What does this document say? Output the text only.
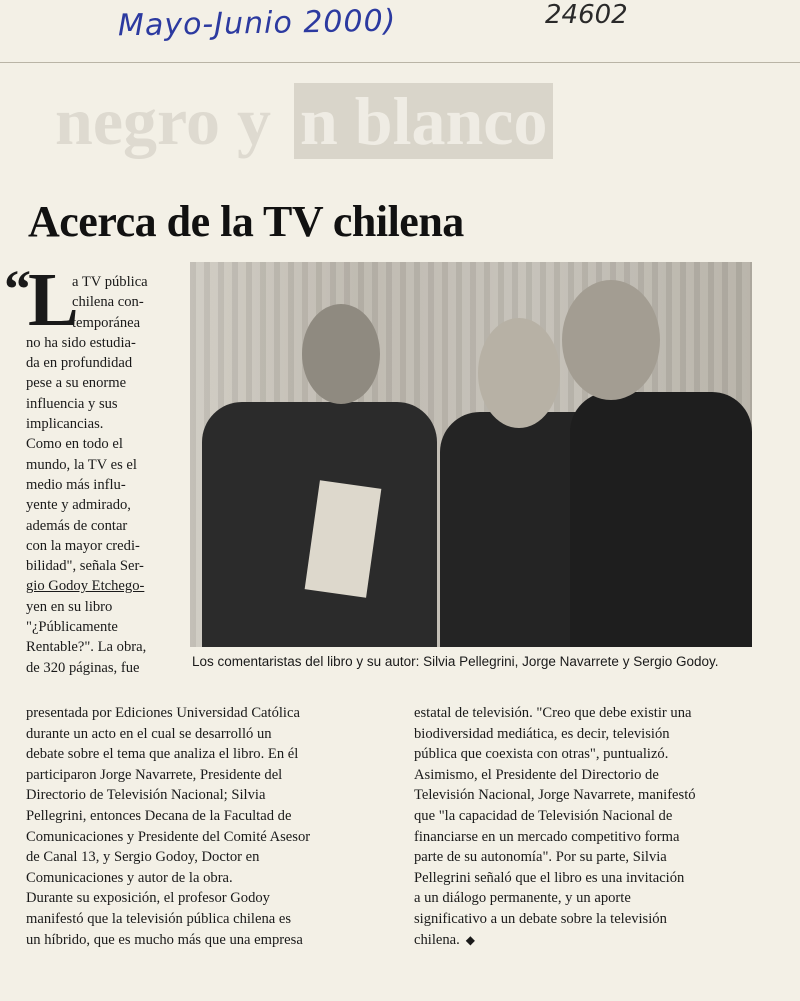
Mayo-Junio 2000)	24602
negro y n blanco
Acerca de la TV chilena
“
L
a TV pública
chilena con-
temporánea
no ha sido estudia-
da en profundidad
pese a su enorme
influencia y sus
implicancias.
Como en todo el
mundo, la TV es el
medio más influ-
yente y admirado,
además de contar
con la mayor credi-
bilidad", señala Ser-
gio Godoy Etchego-
yen en su libro
"¿Públicamente
Rentable?". La obra,
de 320 páginas, fue	Los comentaristas del libro y su autor: Silvia Pellegrini, Jorge Navarrete y Sergio Godoy.
presentada por Ediciones Universidad Católica
durante un acto en el cual se desarrolló un
debate sobre el tema que analiza el libro. En él
participaron Jorge Navarrete, Presidente del
Directorio de Televisión Nacional; Silvia
Pellegrini, entonces Decana de la Facultad de
Comunicaciones y Presidente del Comité Asesor
de Canal 13, y Sergio Godoy, Doctor en
Comunicaciones y autor de la obra.
Durante su exposición, el profesor Godoy
manifestó que la televisión pública chilena es
un híbrido, que es mucho más que una empresa
estatal de televisión. "Creo que debe existir una
biodiversidad mediática, es decir, televisión
pública que coexista con otras", puntualizó.
Asimismo, el Presidente del Directorio de
Televisión Nacional, Jorge Navarrete, manifestó
que "la capacidad de Televisión Nacional de
financiarse en un mercado competitivo forma
parte de su autonomía". Por su parte, Silvia
Pellegrini señaló que el libro es una invitación
a un diálogo permanente, y un aporte
significativo a un debate sobre la televisión
chilena. ◆
